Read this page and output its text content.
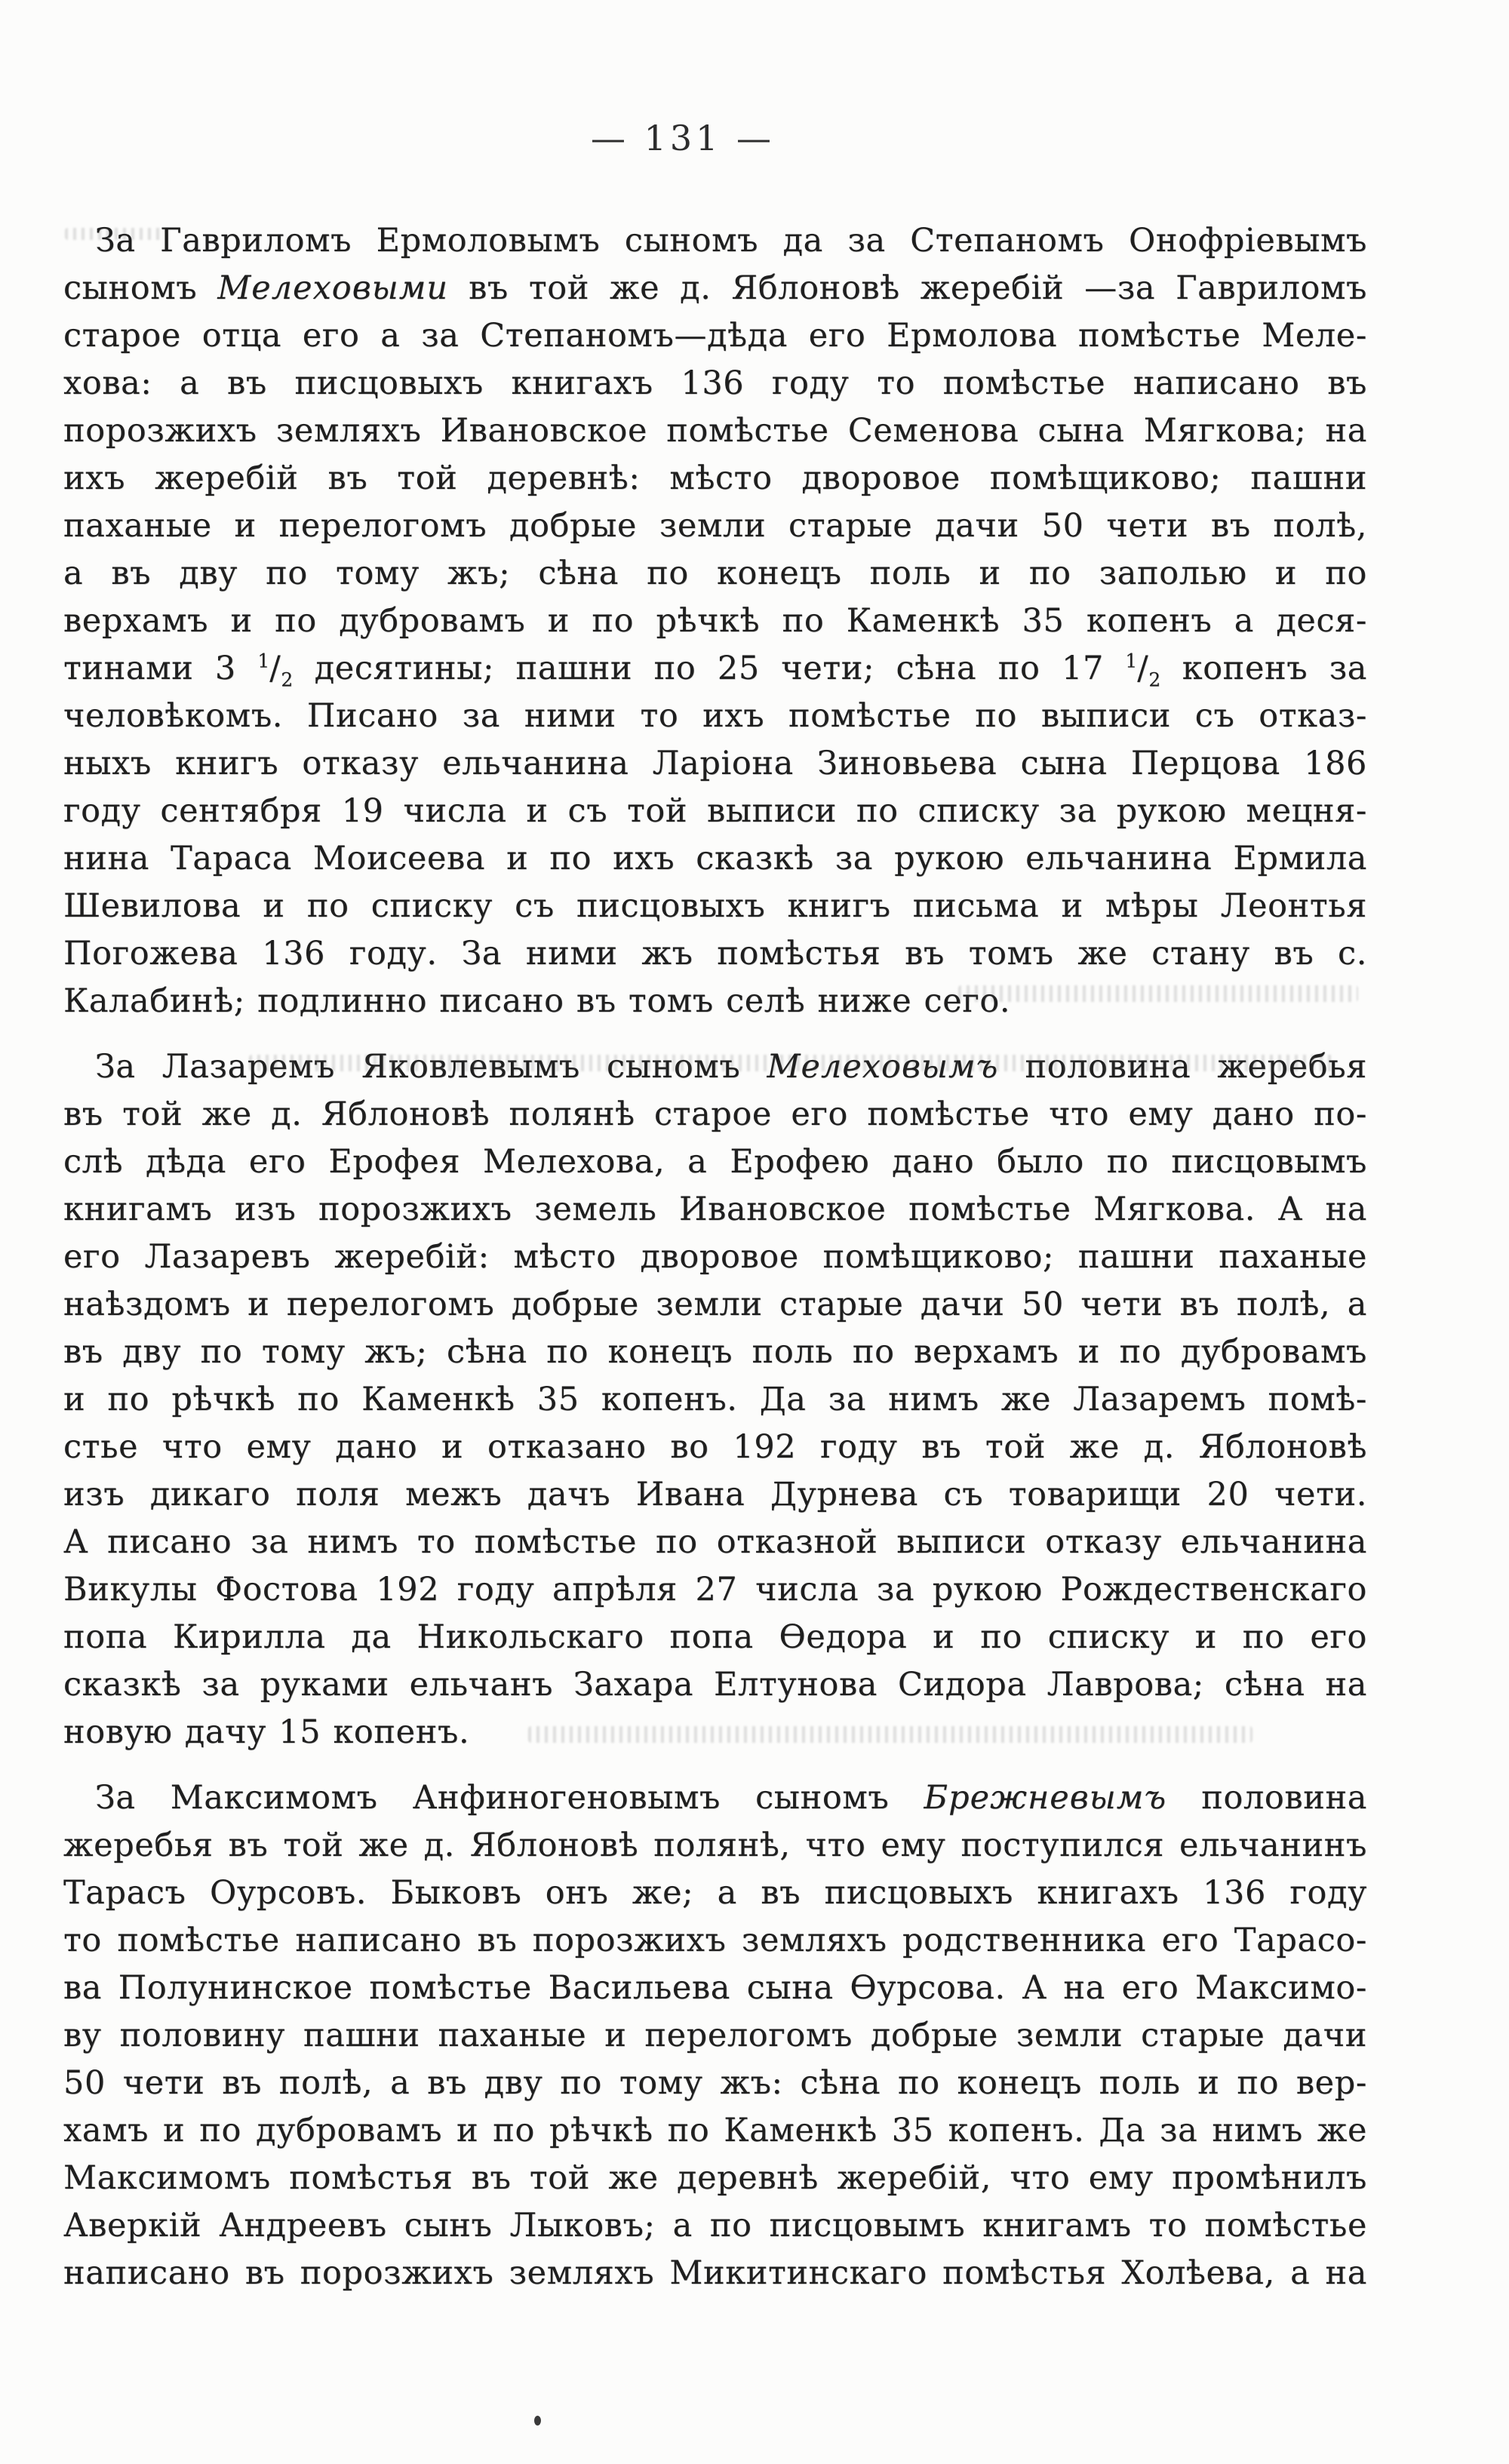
— 131 —
За Гавриломъ Ермоловымъ сыномъ да за Степаномъ Онофріевымъ
сыномъ Мелеховыми въ той же д. Яблоновѣ жеребій —за Гавриломъ
старое отца его а за Степаномъ—дѣда его Ермолова помѣстье Меле-
хова: а въ писцовыхъ книгахъ 136 году то помѣстье написано въ
порозжихъ земляхъ Ивановское помѣстье Семенова сына Мягкова; на
ихъ жеребій въ той деревнѣ: мѣсто дворовое помѣщиково; пашни
паханые и перелогомъ добрые земли старые дачи 50 чети въ полѣ,
а въ дву по тому жъ; сѣна по конецъ поль и по заполью и по
верхамъ и по дубровамъ и по рѣчкѣ по Каменкѣ 35 копенъ а деся-
тинами 3 $^1/_2$ десятины; пашни по 25 чети; сѣна по 17 $^1/_2$ копенъ за
человѣкомъ. Писано за ними то ихъ помѣстье по выписи съ отказ-
ныхъ книгъ отказу ельчанина Ларіона Зиновьева сына Перцова 186
году сентября 19 числа и съ той выписи по списку за рукою мецня-
нина Тараса Моисеева и по ихъ сказкѣ за рукою ельчанина Ермила
Шевилова и по списку съ писцовыхъ книгъ письма и мѣры Леонтья
Погожева 136 году. За ними жъ помѣстья въ томъ же стану въ с.
Калабинѣ; подлинно писано въ томъ селѣ ниже сего.
За Лазаремъ Яковлевымъ сыномъ Мелеховымъ половина жеребья
въ той же д. Яблоновѣ полянѣ старое его помѣстье что ему дано по-
слѣ дѣда его Ерофея Мелехова, а Ерофею дано было по писцовымъ
книгамъ изъ порозжихъ земель Ивановское помѣстье Мягкова. А на
его Лазаревъ жеребій: мѣсто дворовое помѣщиково; пашни паханые
наѣздомъ и перелогомъ добрые земли старые дачи 50 чети въ полѣ, а
въ дву по тому жъ; сѣна по конецъ поль по верхамъ и по дубровамъ
и по рѣчкѣ по Каменкѣ 35 копенъ. Да за нимъ же Лазаремъ помѣ-
стье что ему дано и отказано во 192 году въ той же д. Яблоновѣ
изъ дикаго поля межъ дачъ Ивана Дурнева съ товарищи 20 чети.
А писано за нимъ то помѣстье по отказной выписи отказу ельчанина
Викулы Фостова 192 году апрѣля 27 числа за рукою Рождественскаго
попа Кирилла да Никольскаго попа Ѳедора и по списку и по его
сказкѣ за руками ельчанъ Захара Елтунова Сидора Лаврова; сѣна на
новую дачу 15 копенъ.
За Максимомъ Анфиногеновымъ сыномъ Брежневымъ половина
жеребья въ той же д. Яблоновѣ полянѣ, что ему поступился ельчанинъ
Тарасъ Оурсовъ. Быковъ онъ же; а въ писцовыхъ книгахъ 136 году
то помѣстье написано въ порозжихъ земляхъ родственника его Тарасо-
ва Полунинское помѣстье Васильева сына Ѳурсова. А на его Максимо-
ву половину пашни паханые и перелогомъ добрые земли старые дачи
50 чети въ полѣ, а въ дву по тому жъ: сѣна по конецъ поль и по вер-
хамъ и по дубровамъ и по рѣчкѣ по Каменкѣ 35 копенъ. Да за нимъ же
Максимомъ помѣстья въ той же деревнѣ жеребій, что ему промѣнилъ
Аверкій Андреевъ сынъ Лыковъ; а по писцовымъ книгамъ то помѣстье
написано въ порозжихъ земляхъ Микитинскаго помѣстья Холѣева, а на
